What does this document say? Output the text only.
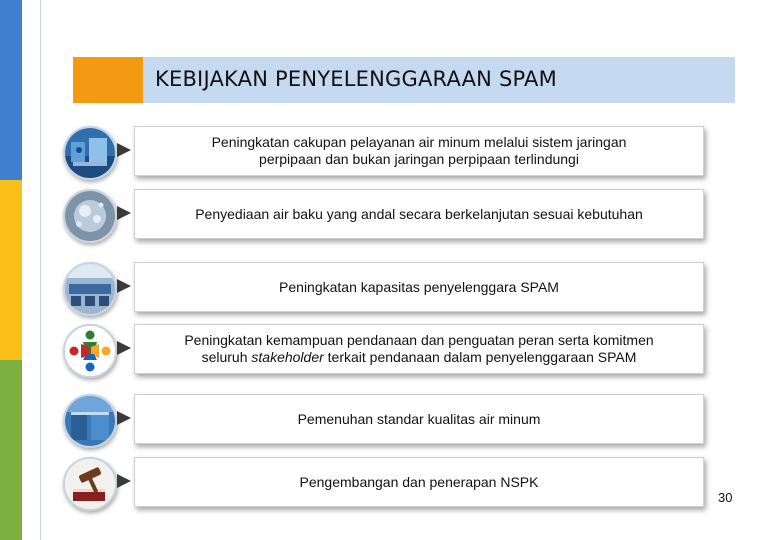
KEBIJAKAN PENYELENGGARAAN SPAM
Peningkatan cakupan pelayanan air minum melalui sistem jaringan
perpipaan dan bukan jaringan perpipaan terlindungi
Penyediaan air baku yang andal secara berkelanjutan sesuai kebutuhan
Peningkatan kapasitas penyelenggara SPAM
Peningkatan kemampuan pendanaan dan penguatan peran serta komitmen
seluruh stakeholder terkait pendanaan dalam penyelenggaraan SPAM
Pemenuhan standar kualitas air minum
Pengembangan dan penerapan NSPK
30
